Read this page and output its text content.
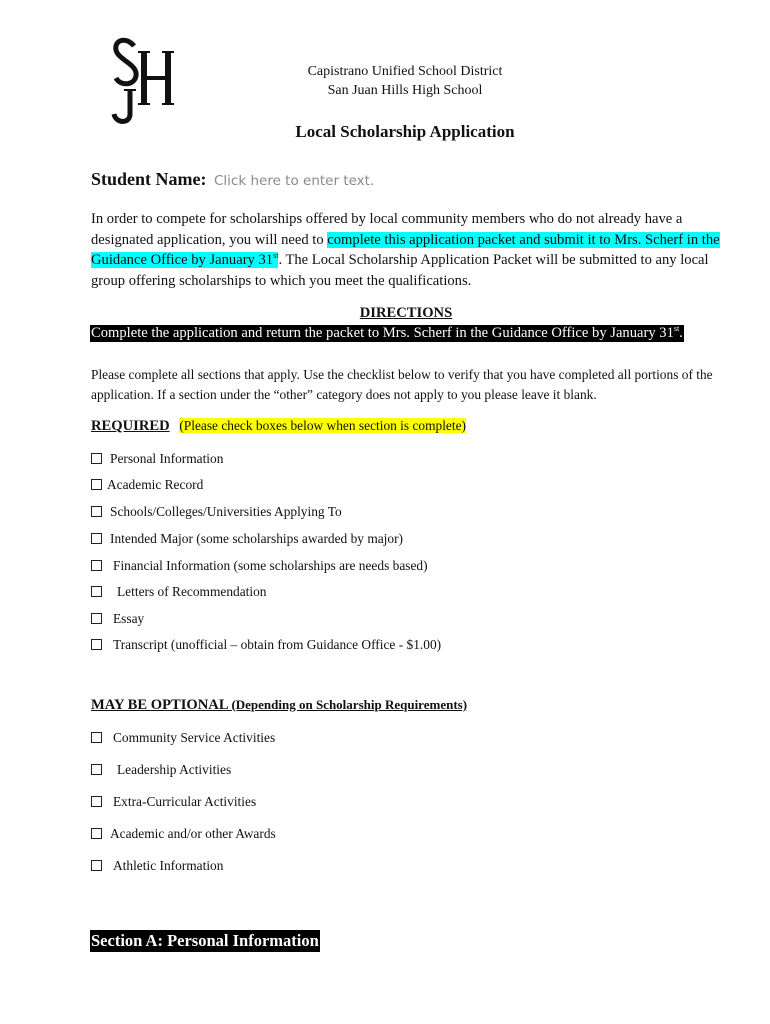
Capistrano Unified School District
San Juan Hills High School
Local Scholarship Application
Student Name: Click here to enter text.
In order to compete for scholarships offered by local community members who do not already have a designated application, you will need to complete this application packet and submit it to Mrs. Scherf in the Guidance Office by January 31st. The Local Scholarship Application Packet will be submitted to any local group offering scholarships to which you meet the qualifications.
DIRECTIONS
Complete the application and return the packet to Mrs. Scherf in the Guidance Office by January 31st.
Please complete all sections that apply. Use the checklist below to verify that you have completed all portions of the application. If a section under the “other” category does not apply to you please leave it blank.
REQUIRED (Please check boxes below when section is complete)
Personal Information
Academic Record
Schools/Colleges/Universities Applying To
Intended Major (some scholarships awarded by major)
Financial Information (some scholarships are needs based)
Letters of Recommendation
Essay
Transcript (unofficial – obtain from Guidance Office - $1.00)
MAY BE OPTIONAL (Depending on Scholarship Requirements)
Community Service Activities
Leadership Activities
Extra-Curricular Activities
Academic and/or other Awards
Athletic Information
Section A: Personal Information
